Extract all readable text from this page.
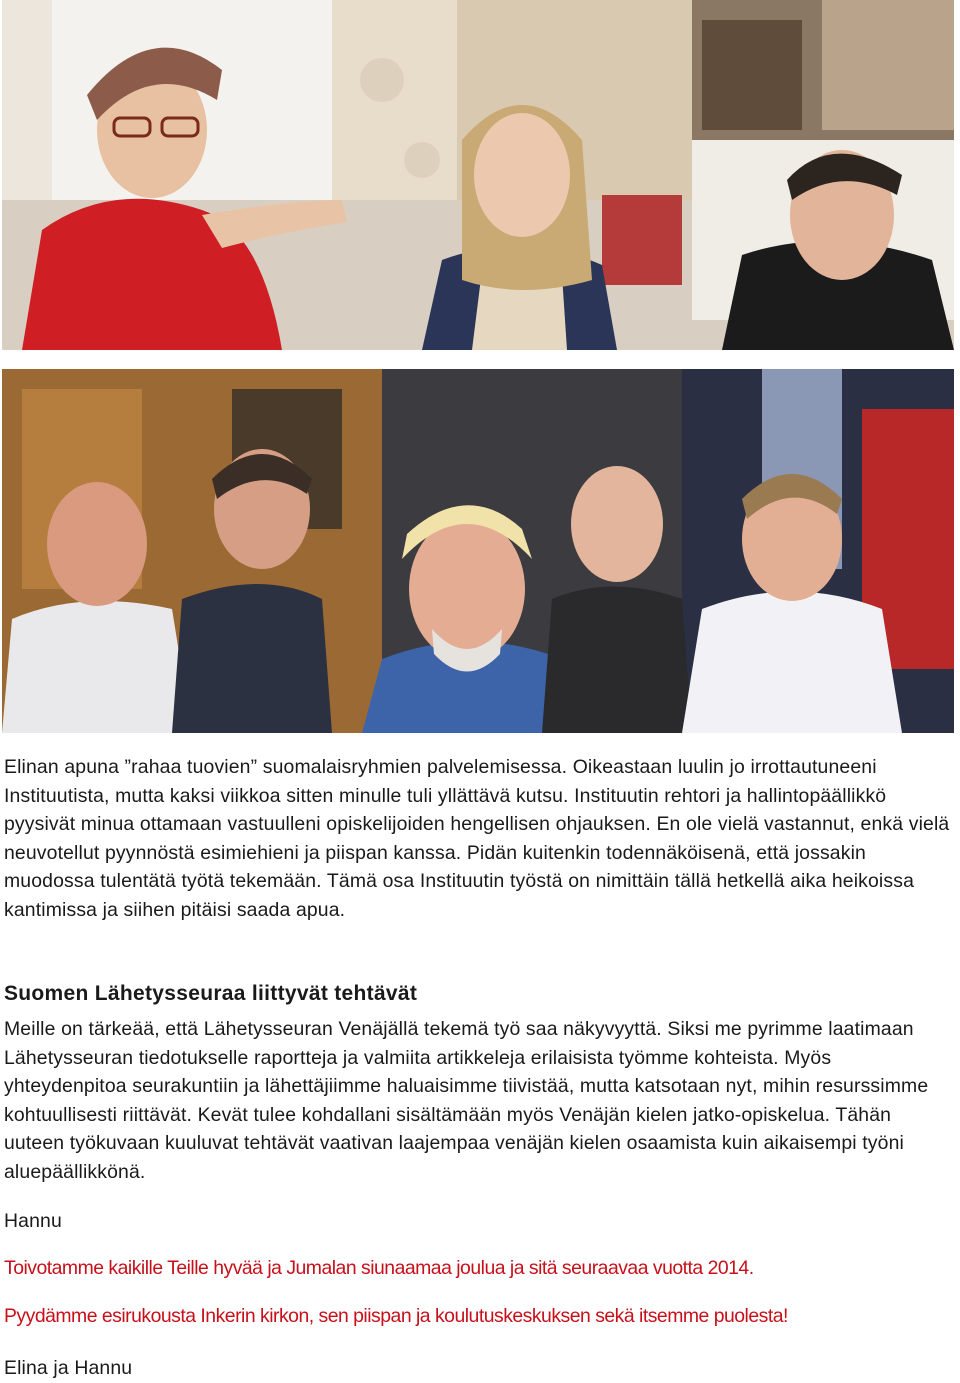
Elinan apuna ”rahaa tuovien” suomalaisryhmien palvelemisessa. Oikeastaan luulin jo irrottautuneeni Instituutista, mutta kaksi viikkoa sitten minulle tuli yllättävä kutsu. Instituutin rehtori ja hallintopäällikkö pyysivät minua ottamaan vastuulleni opiskelijoiden hengellisen ohjauksen. En ole vielä vastannut, enkä vielä neuvotellut pyynnöstä esimiehieni ja piispan kanssa. Pidän kuitenkin todennäköisenä, että jossakin muodossa tulentätä työtä tekemään. Tämä osa Instituutin työstä on nimittäin tällä hetkellä aika heikoissa kantimissa ja siihen pitäisi saada apua.

Suomen Lähetysseuraa liittyvät tehtävät

Meille on tärkeää, että Lähetysseuran Venäjällä tekemä työ saa näkyvyyttä. Siksi me pyrimme laatimaan Lähetysseuran tiedotukselle raportteja ja valmiita artikkeleja erilaisista työmme kohteista. Myös yhteydenpitoa seurakuntiin ja lähettäjiimme haluaisimme tiivistää, mutta katsotaan nyt, mihin resurssimme kohtuullisesti riittävät. Kevät tulee kohdallani sisältämään myös Venäjän kielen jatko-opiskelua. Tähän uuteen työkuvaan kuuluvat tehtävät vaativan laajempaa venäjän kielen osaamista kuin aikaisempi työni aluepäällikkönä.

Hannu
Toivotamme kaikille Teille hyvää ja Jumalan siunaamaa joulua ja sitä seuraavaa vuotta 2014.
Pyydämme esirukousta Inkerin kirkon, sen piispan ja koulutuskeskuksen sekä itsemme puolesta!
Elina ja Hannu
